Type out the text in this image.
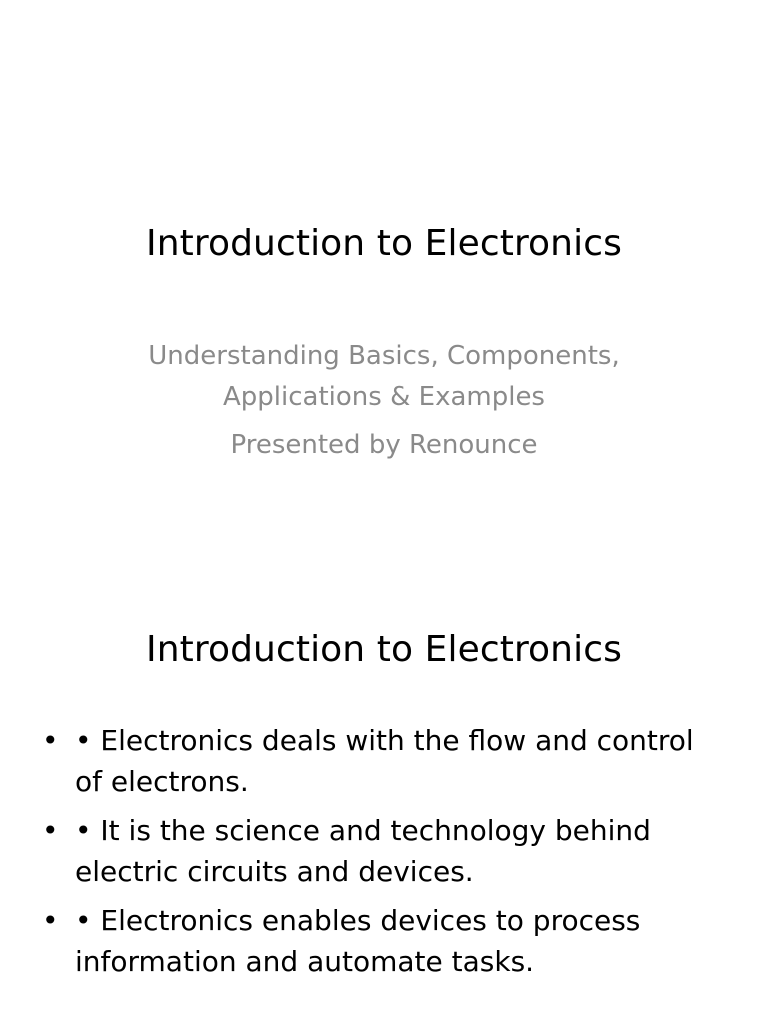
Introduction to Electronics

Understanding Basics, Components,

Applications & Examples

Presented by Renounce

Introduction to Electronics
• • Electronics deals with the flow and control of electrons.
• • It is the science and technology behind electric circuits and devices.
• • Electronics enables devices to process information and automate tasks.
